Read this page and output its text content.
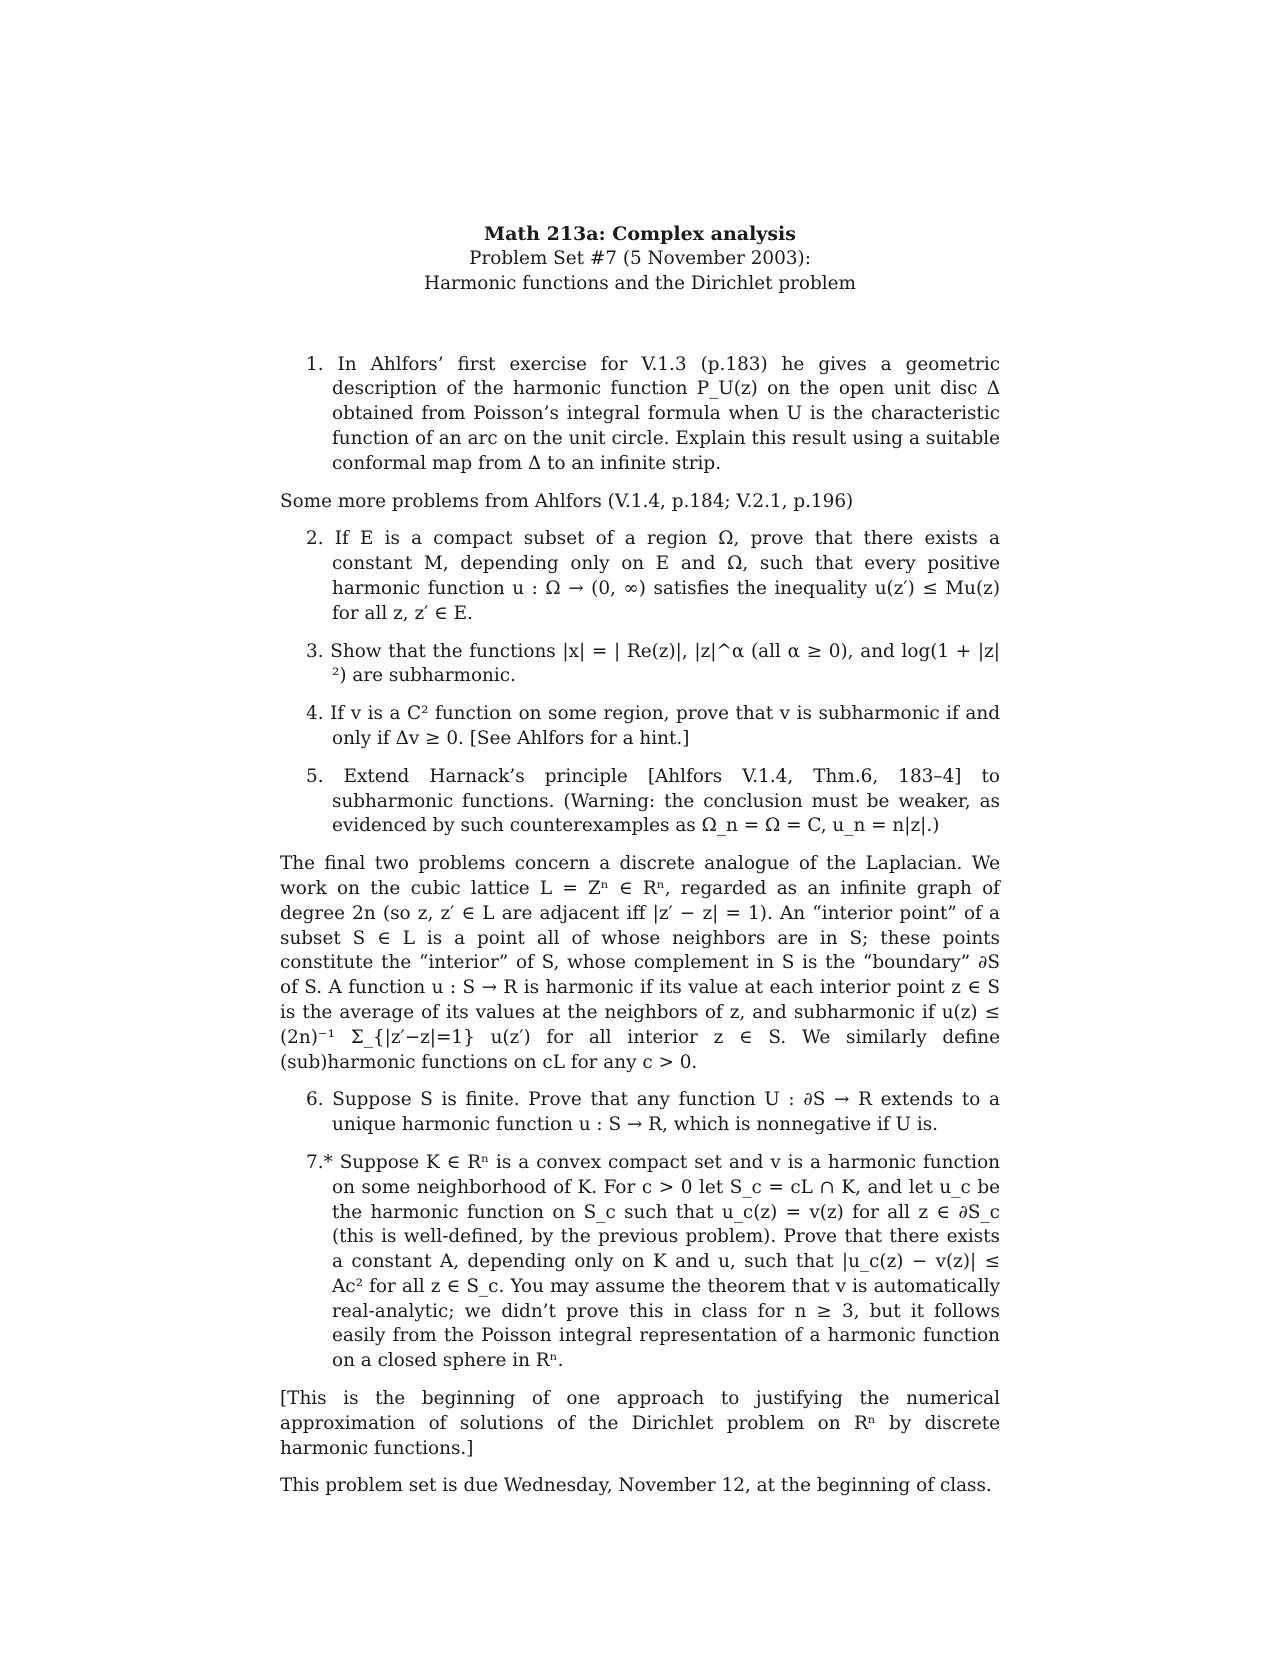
Math 213a: Complex analysis
Problem Set #7 (5 November 2003):
Harmonic functions and the Dirichlet problem

1. In Ahlfors’ first exercise for V.1.3 (p.183) he gives a geometric description of the harmonic function P_U(z) on the open unit disc Δ obtained from Poisson’s integral formula when U is the characteristic function of an arc on the unit circle. Explain this result using a suitable conformal map from Δ to an infinite strip.

Some more problems from Ahlfors (V.1.4, p.184; V.2.1, p.196)

2. If E is a compact subset of a region Ω, prove that there exists a constant M, depending only on E and Ω, such that every positive harmonic function u : Ω → (0, ∞) satisfies the inequality u(z′) ≤ Mu(z) for all z, z′ ∈ E.

3. Show that the functions |x| = | Re(z)|, |z|^α (all α ≥ 0), and log(1 + |z|²) are subharmonic.

4. If v is a C² function on some region, prove that v is subharmonic if and only if Δv ≥ 0. [See Ahlfors for a hint.]

5. Extend Harnack’s principle [Ahlfors V.1.4, Thm.6, 183–4] to subharmonic functions. (Warning: the conclusion must be weaker, as evidenced by such counterexamples as Ω_n = Ω = C, u_n = n|z|.)

The final two problems concern a discrete analogue of the Laplacian. We work on the cubic lattice L = Zⁿ ∈ Rⁿ, regarded as an infinite graph of degree 2n (so z, z′ ∈ L are adjacent iff |z′ − z| = 1). An “interior point” of a subset S ∈ L is a point all of whose neighbors are in S; these points constitute the “interior” of S, whose complement in S is the “boundary” ∂S of S. A function u : S → R is harmonic if its value at each interior point z ∈ S is the average of its values at the neighbors of z, and subharmonic if u(z) ≤ (2n)⁻¹ Σ_{|z′−z|=1} u(z′) for all interior z ∈ S. We similarly define (sub)harmonic functions on cL for any c > 0.

6. Suppose S is finite. Prove that any function U : ∂S → R extends to a unique harmonic function u : S → R, which is nonnegative if U is.

7.* Suppose K ∈ Rⁿ is a convex compact set and v is a harmonic function on some neighborhood of K. For c > 0 let S_c = cL ∩ K, and let u_c be the harmonic function on S_c such that u_c(z) = v(z) for all z ∈ ∂S_c (this is well-defined, by the previous problem). Prove that there exists a constant A, depending only on K and u, such that |u_c(z) − v(z)| ≤ Ac² for all z ∈ S_c. You may assume the theorem that v is automatically real-analytic; we didn’t prove this in class for n ≥ 3, but it follows easily from the Poisson integral representation of a harmonic function on a closed sphere in Rⁿ.

[This is the beginning of one approach to justifying the numerical approximation of solutions of the Dirichlet problem on Rⁿ by discrete harmonic functions.]

This problem set is due Wednesday, November 12, at the beginning of class.
